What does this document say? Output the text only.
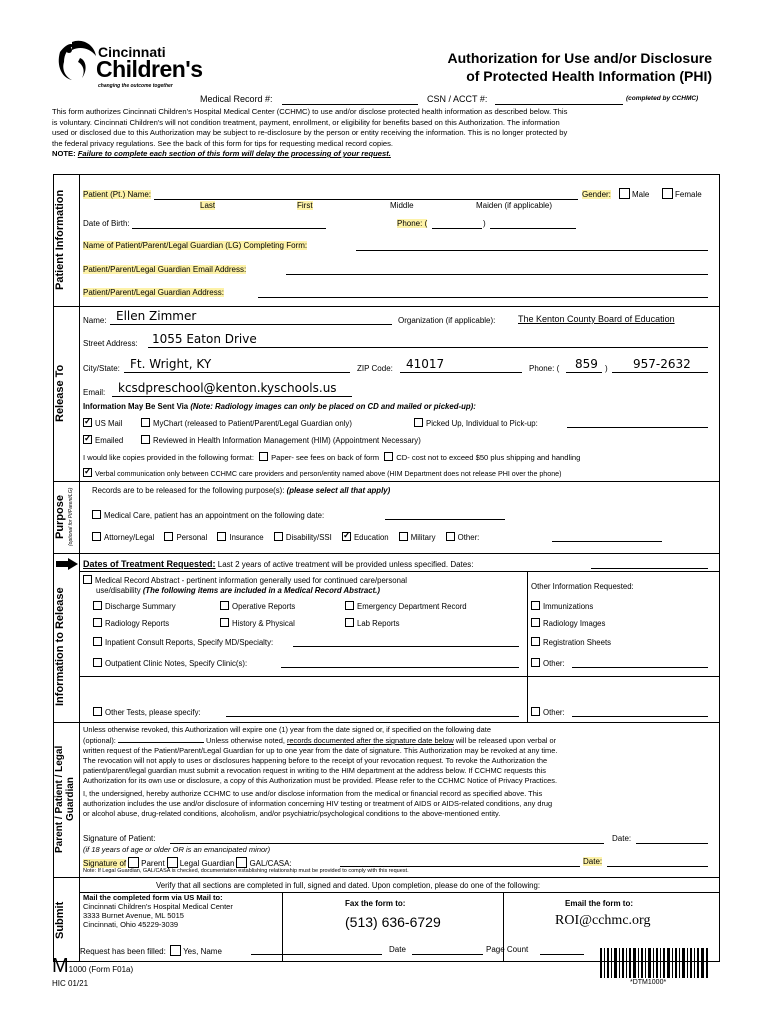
Cincinnati
Children's
changing the outcome together
Authorization for Use and/or Disclosure
of Protected Health Information (PHI)
Medical Record #:	CSN / ACCT #:	(completed by CCHMC)
This form authorizes Cincinnati Children's Hospital Medical Center (CCHMC) to use and/or disclose protected health information as described below. This
is voluntary. Cincinnati Children's will not condition treatment, payment, enrollment, or eligibility for benefits based on this Authorization. The information
used or disclosed due to this Authorization may be subject to re-disclosure by the person or entity receiving the information. This is no longer protected by
the federal privacy regulations. See the back of this form for tips for requesting medical record copies.
NOTE: Failure to complete each section of this form will delay the processing of your request.
Patient Information	Patient (Pt.) Name:
Last	First	Middle	Maiden (if applicable)
Gender:	Male	Female
Date of Birth:	Phone: (	)
Name of Patient/Parent/Legal Guardian (LG) Completing Form:
Patient/Parent/Legal Guardian Email Address:
Patient/Parent/Legal Guardian Address:
Release To
Name: Ellen Zimmer	Organization (if applicable):	The Kenton County Board of Education
Street Address: 1055 Eaton Drive
City/State: Ft. Wright, KY	ZIP Code: 41017	Phone: ( 859 ) 957-2632
Email: kcsdpreschool@kenton.kyschools.us
Information May Be Sent Via (Note: Radiology images can only be placed on CD and mailed or picked-up):
✓US Mail	MyChart (released to Patient/Parent/Legal Guardian only)	Picked Up, Individual to Pick-up:
✓Emailed	Reviewed in Health Information Management (HIM) (Appointment Necessary)
I would like copies provided in the following format: Paper- see fees on back of form CD- cost not to exceed $50 plus shipping and handling
✓Verbal communication only between CCHMC care providers and person/entity named above (HIM Department does not release PHI over the phone)
Purpose (optional for Pt/Parent/LG)	Records are to be released for the following purpose(s): (please select all that apply)
Medical Care, patient has an appointment on the following date:
Attorney/Legal	Personal	Insurance	Disability/SSI ✓	Education	Military	Other:
Information to Release
Dates of Treatment Requested: Last 2 years of active treatment will be provided unless specified. Dates:
Medical Record Abstract - pertinent information generally used for continued care/personal
use/disability (The following items are included in a Medical Record Abstract.)
Discharge Summary	Operative Reports	Emergency Department Record
Radiology Reports	History & Physical	Lab Reports
Inpatient Consult Reports, Specify MD/Specialty:
Outpatient Clinic Notes, Specify Clinic(s):
Other Tests, please specify:
Other Information Requested:
Immunizations
Radiology Images
Registration Sheets
Other:
Other:
Parent / Patient / Legal Guardian
Unless otherwise revoked, this Authorization will expire one (1) year from the date signed or, if specified on the following date
(optional):	Unless otherwise noted, records documented after the signature date below will be released upon verbal or
written request of the Patient/Parent/Legal Guardian for up to one year from the date of signature. This Authorization may be revoked at any time.
The revocation will not apply to uses or disclosures happening before to the receipt of your revocation request. To revoke the Authorization the
patient/parent/legal guardian must submit a revocation request in writing to the HIM department at the address below. If CCHMC requests this
Authorization for its own use or disclosure, a copy of this Authorization must be provided. Please refer to the CCHMC Notice of Privacy Practices.
I, the undersigned, hereby authorize CCHMC to use and/or disclose information from the medical or financial record as specified above. This
authorization includes the use and/or disclosure of information concerning HIV testing or treatment of AIDS or AIDS-related conditions, any drug
or alcohol abuse, drug-related conditions, alcoholism, and/or psychiatric/psychological conditions to the above-mentioned entity.
Signature of Patient:
(if 18 years of age or older OR is an emancipated minor)
Date:
Signature of Parent Legal Guardian GAL/CASA:	Date:
Note: If Legal Guardian, GAL/CASA is checked, documentation establishing relationship must be provided to comply with this request.
Submit
Verify that all sections are completed in full, signed and dated. Upon completion, please do one of the following:
Mail the completed form via US Mail to:
Cincinnati Children's Hospital Medical Center
3333 Burnet Avenue, ML 5015
Cincinnati, Ohio 45229-3039
Fax the form to:
(513) 636-6729
Email the form to:
ROI@cchmc.org
Request has been filled: Yes, Name	Date	Page Count
M1000 (Form F01a)
HIC 01/21	*DTM1000*
